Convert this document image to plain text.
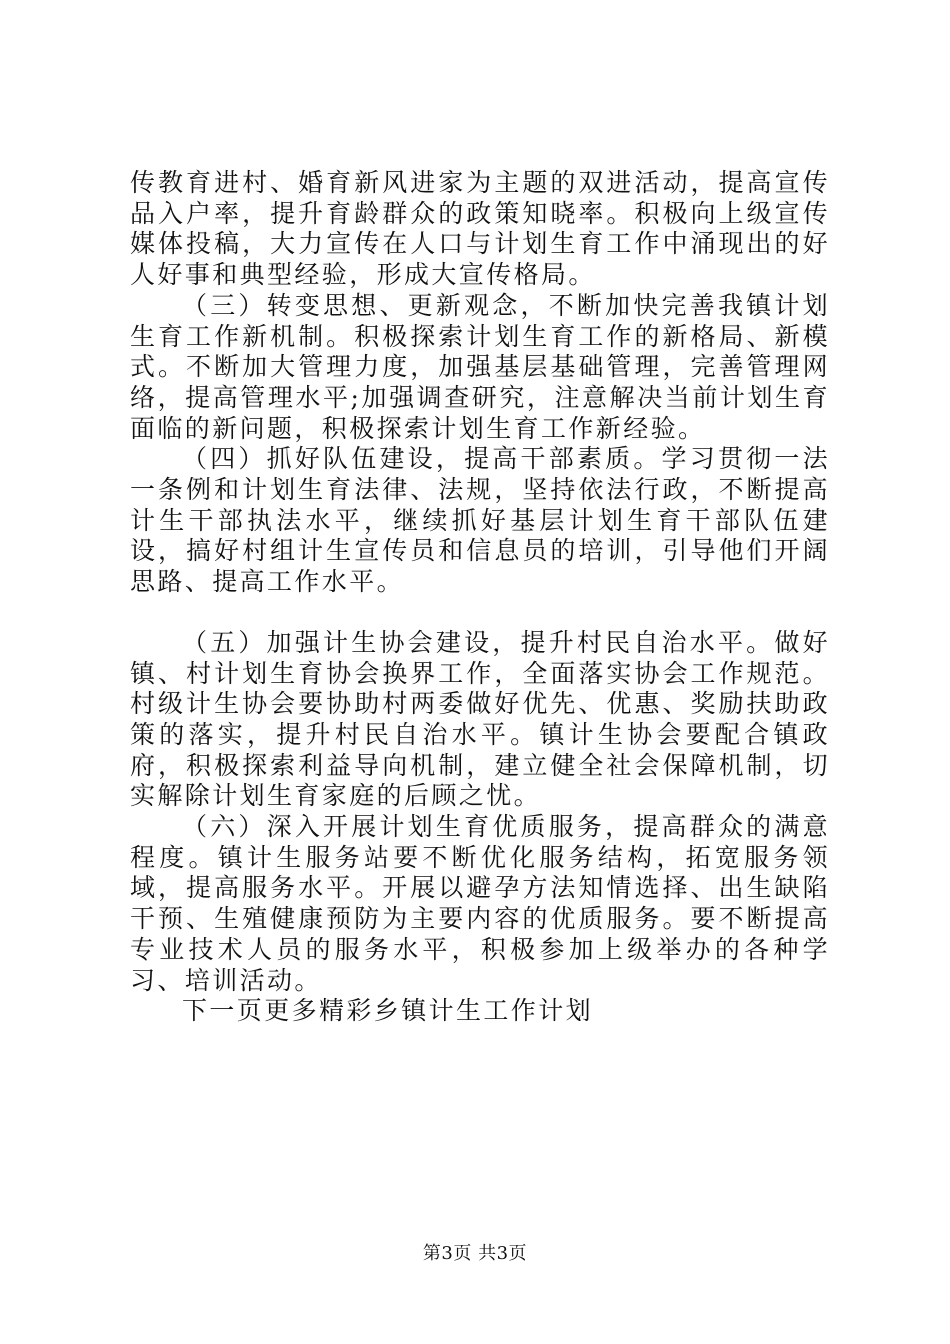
传教育进村、婚育新风进家为主题的双进活动，提高宣传品入户率，提升育龄群众的政策知晓率。积极向上级宣传媒体投稿，大力宣传在人口与计划生育工作中涌现出的好人好事和典型经验，形成大宣传格局。

（三）转变思想、更新观念，不断加快完善我镇计划生育工作新机制。积极探索计划生育工作的新格局、新模式。不断加大管理力度，加强基层基础管理，完善管理网络，提高管理水平;加强调查研究，注意解决当前计划生育面临的新问题，积极探索计划生育工作新经验。

（四）抓好队伍建设，提高干部素质。学习贯彻一法一条例和计划生育法律、法规，坚持依法行政，不断提高计生干部执法水平，继续抓好基层计划生育干部队伍建设，搞好村组计生宣传员和信息员的培训，引导他们开阔思路、提高工作水平。

（五）加强计生协会建设，提升村民自治水平。做好镇、村计划生育协会换界工作，全面落实协会工作规范。村级计生协会要协助村两委做好优先、优惠、奖励扶助政策的落实，提升村民自治水平。镇计生协会要配合镇政府，积极探索利益导向机制，建立健全社会保障机制，切实解除计划生育家庭的后顾之忧。

（六）深入开展计划生育优质服务，提高群众的满意程度。镇计生服务站要不断优化服务结构，拓宽服务领域，提高服务水平。开展以避孕方法知情选择、出生缺陷干预、生殖健康预防为主要内容的优质服务。要不断提高专业技术人员的服务水平，积极参加上级举办的各种学习、培训活动。

下一页更多精彩乡镇计生工作计划

第3页 共3页
